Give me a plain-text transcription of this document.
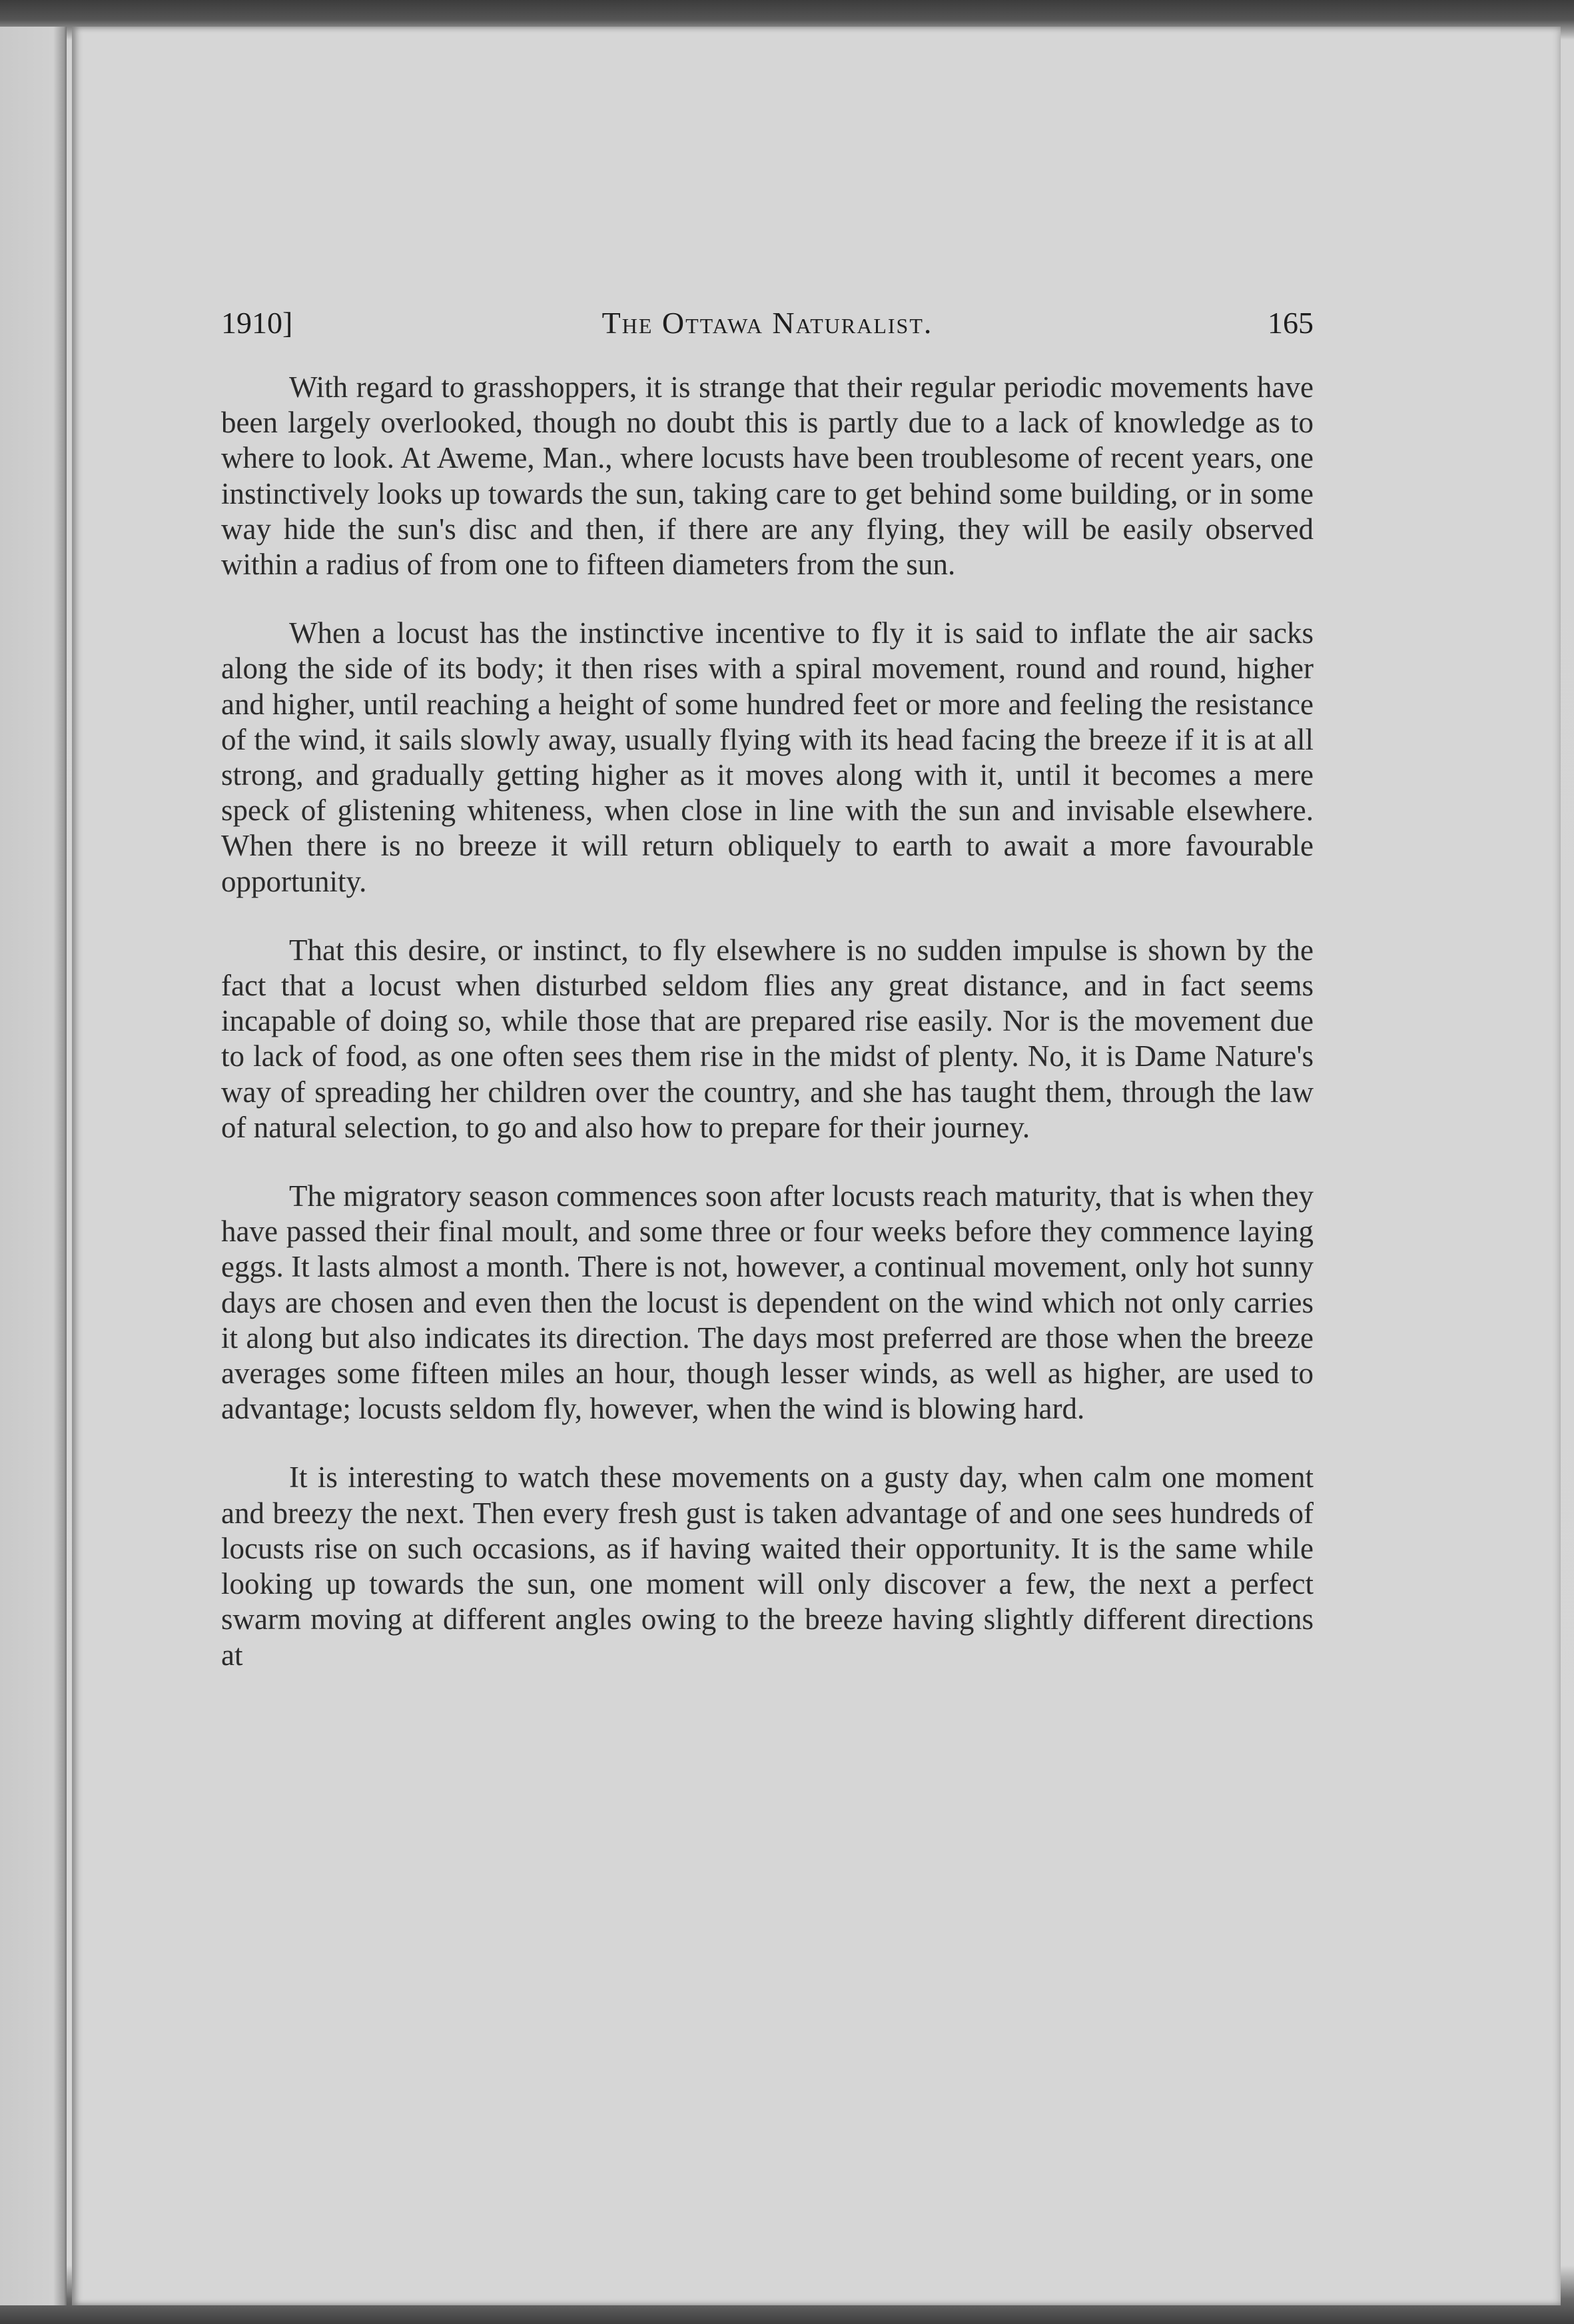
1910]	The Ottawa Naturalist.	165

With regard to grasshoppers, it is strange that their regular periodic movements have been largely overlooked, though no doubt this is partly due to a lack of knowledge as to where to look. At Aweme, Man., where locusts have been troublesome of recent years, one instinctively looks up towards the sun, taking care to get behind some building, or in some way hide the sun's disc and then, if there are any flying, they will be easily observed within a radius of from one to fifteen diameters from the sun.

When a locust has the instinctive incentive to fly it is said to inflate the air sacks along the side of its body; it then rises with a spiral movement, round and round, higher and higher, until reaching a height of some hundred feet or more and feeling the resistance of the wind, it sails slowly away, usually flying with its head facing the breeze if it is at all strong, and gradually getting higher as it moves along with it, until it becomes a mere speck of glistening whiteness, when close in line with the sun and invisable elsewhere. When there is no breeze it will return obliquely to earth to await a more favourable opportunity.

That this desire, or instinct, to fly elsewhere is no sudden impulse is shown by the fact that a locust when disturbed seldom flies any great distance, and in fact seems incapable of doing so, while those that are prepared rise easily. Nor is the movement due to lack of food, as one often sees them rise in the midst of plenty. No, it is Dame Nature's way of spreading her children over the country, and she has taught them, through the law of natural selection, to go and also how to prepare for their journey.

The migratory season commences soon after locusts reach maturity, that is when they have passed their final moult, and some three or four weeks before they commence laying eggs. It lasts almost a month. There is not, however, a continual movement, only hot sunny days are chosen and even then the locust is dependent on the wind which not only carries it along but also indicates its direction. The days most preferred are those when the breeze averages some fifteen miles an hour, though lesser winds, as well as higher, are used to advantage; locusts seldom fly, however, when the wind is blowing hard.

It is interesting to watch these movements on a gusty day, when calm one moment and breezy the next. Then every fresh gust is taken advantage of and one sees hundreds of locusts rise on such occasions, as if having waited their opportunity. It is the same while looking up towards the sun, one moment will only discover a few, the next a perfect swarm moving at different angles owing to the breeze having slightly different directions at
